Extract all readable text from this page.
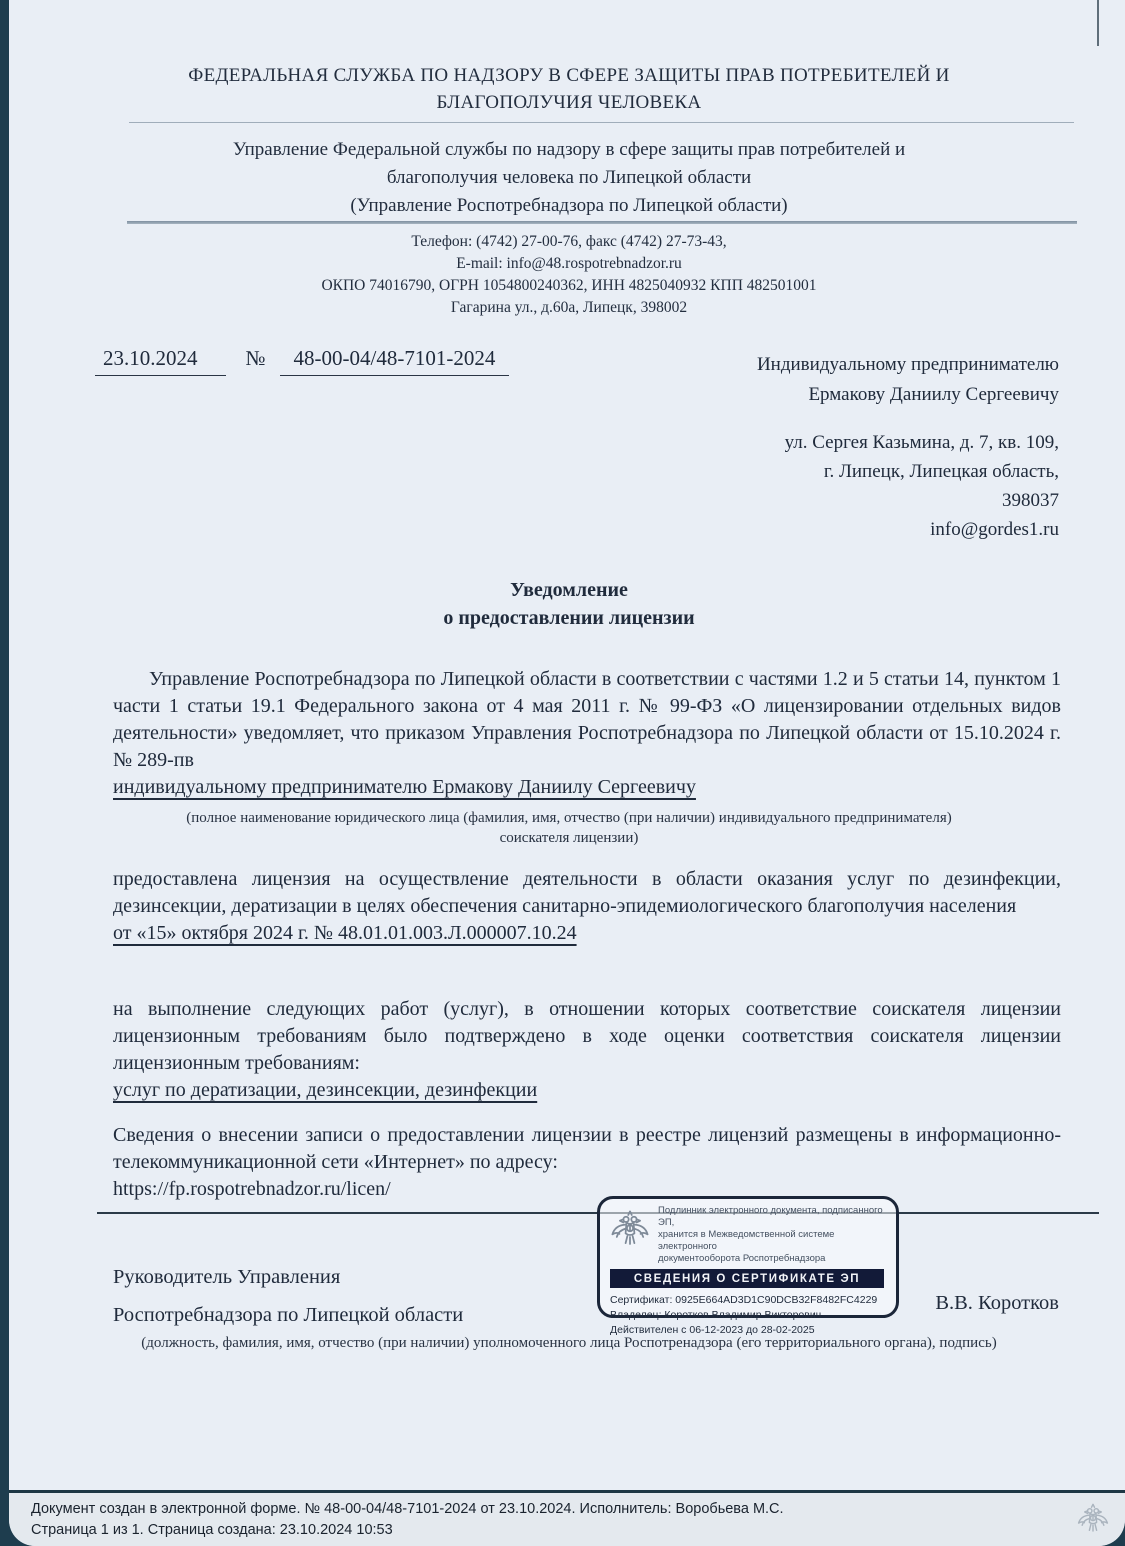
ФЕДЕРАЛЬНАЯ СЛУЖБА ПО НАДЗОРУ В СФЕРЕ ЗАЩИТЫ ПРАВ ПОТРЕБИТЕЛЕЙ И
БЛАГОПОЛУЧИЯ ЧЕЛОВЕКА
Управление Федеральной службы по надзору в сфере защиты прав потребителей и
благополучия человека по Липецкой области
(Управление Роспотребнадзора по Липецкой области)
Телефон: (4742) 27-00-76, факс (4742) 27-73-43,
E-mail: info@48.rospotrebnadzor.ru
ОКПО 74016790, ОГРН 1054800240362, ИНН 4825040932 КПП 482501001
Гагарина ул., д.60а, Липецк, 398002
23.10.2024 № 48-00-04/48-7101-2024	Индивидуальному предпринимателю
Ермакову Даниилу Сергеевичу
ул. Сергея Казьмина, д. 7, кв. 109,
г. Липецк, Липецкая область,
398037
info@gordes1.ru
Уведомление
о предоставлении лицензии
Управление Роспотребнадзора по Липецкой области в соответствии с частями 1.2 и 5 статьи 14, пунктом 1 части 1 статьи 19.1 Федерального закона от 4 мая 2011 г. № 99-ФЗ «О лицензировании отдельных видов деятельности» уведомляет, что приказом Управления Роспотребнадзора по Липецкой области от 15.10.2024 г. № 289-пв
индивидуальному предпринимателю Ермакову Даниилу Сергеевичу
(полное наименование юридического лица (фамилия, имя, отчество (при наличии) индивидуального предпринимателя) соискателя лицензии)
предоставлена лицензия на осуществление деятельности в области оказания услуг по дезинфекции, дезинсекции, дератизации в целях обеспечения санитарно-эпидемиологического благополучия населения
от «15» октября 2024 г. № 48.01.01.003.Л.000007.10.24
на выполнение следующих работ (услуг), в отношении которых соответствие соискателя лицензии лицензионным требованиям было подтверждено в ходе оценки соответствия соискателя лицензии лицензионным требованиям:
услуг по дератизации, дезинсекции, дезинфекции
Сведения о внесении записи о предоставлении лицензии в реестре лицензий размещены в информационно-телекоммуникационной сети «Интернет» по адресу:
https://fp.rospotrebnadzor.ru/licen/
Подлинник электронного документа, подписанного ЭП,
хранится в Межведомственной системе электронного
документооборота Роспотребнадзора
СВЕДЕНИЯ О СЕРТИФИКАТЕ ЭП
Сертификат: 0925E664AD3D1C90DCB32F8482FC4229
Владелец: Коротков Владимир Викторович
Действителен с 06-12-2023 до 28-02-2025
Руководитель Управления
Роспотребнадзора по Липецкой области
В.В. Коротков
(должность, фамилия, имя, отчество (при наличии) уполномоченного лица Роспотренадзора (его территориального органа), подпись)
Документ создан в электронной форме. № 48-00-04/48-7101-2024 от 23.10.2024. Исполнитель: Воробьева М.С.
Страница 1 из 1. Страница создана: 23.10.2024 10:53
